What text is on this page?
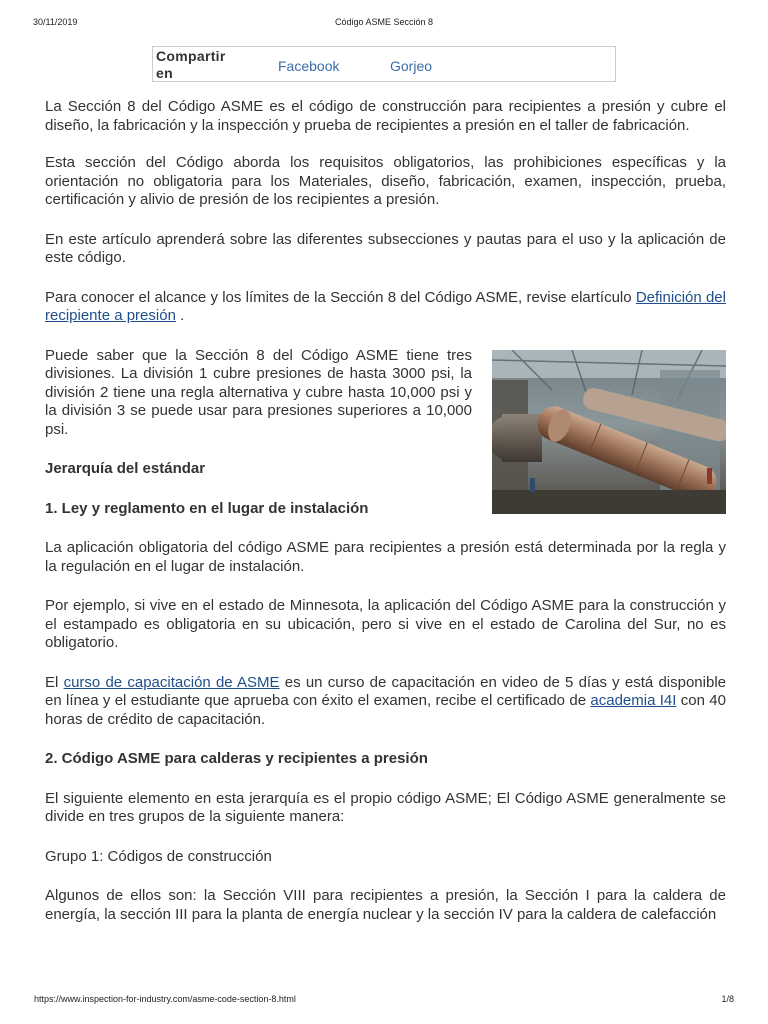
30/11/2019	Código ASME Sección 8
Compartir en	Facebook	Gorjeo

La Sección 8 del Código ASME es el código de construcción para recipientes a presión y cubre el diseño, la fabricación y la inspección y prueba de recipientes a presión en el taller de fabricación.

Esta sección del Código aborda los requisitos obligatorios, las prohibiciones específicas y la orientación no obligatoria para los Materiales, diseño, fabricación, examen, inspección, prueba, certificación y alivio de presión de los recipientes a presión.

En este artículo aprenderá sobre las diferentes subsecciones y pautas para el uso y la aplicación de este código.

Para conocer el alcance y los límites de la Sección 8 del Código ASME, revise elartículo Definición del recipiente a presión .

Puede saber que la Sección 8 del Código ASME tiene tres divisiones. La división 1 cubre presiones de hasta 3000 psi, la división 2 tiene una regla alternativa y cubre hasta 10,000 psi y la división 3 se puede usar para presiones superiores a 10,000 psi.

Jerarquía del estándar
1. Ley y reglamento en el lugar de instalación

La aplicación obligatoria del código ASME para recipientes a presión está determinada por la regla y la regulación en el lugar de instalación.

Por ejemplo, si vive en el estado de Minnesota, la aplicación del Código ASME para la construcción y el estampado es obligatoria en su ubicación, pero si vive en el estado de Carolina del Sur, no es obligatorio.

El curso de capacitación de ASME es un curso de capacitación en video de 5 días y está disponible en línea y el estudiante que aprueba con éxito el examen, recibe el certificado de academia I4I con 40 horas de crédito de capacitación.

2. Código ASME para calderas y recipientes a presión

El siguiente elemento en esta jerarquía es el propio código ASME; El Código ASME generalmente se divide en tres grupos de la siguiente manera:

Grupo 1: Códigos de construcción

Algunos de ellos son: la Sección VIII para recipientes a presión, la Sección I para la caldera de energía, la sección III para la planta de energía nuclear y la sección IV para la caldera de calefacción

https://www.inspection-for-industry.com/asme-code-section-8.html	1/8
